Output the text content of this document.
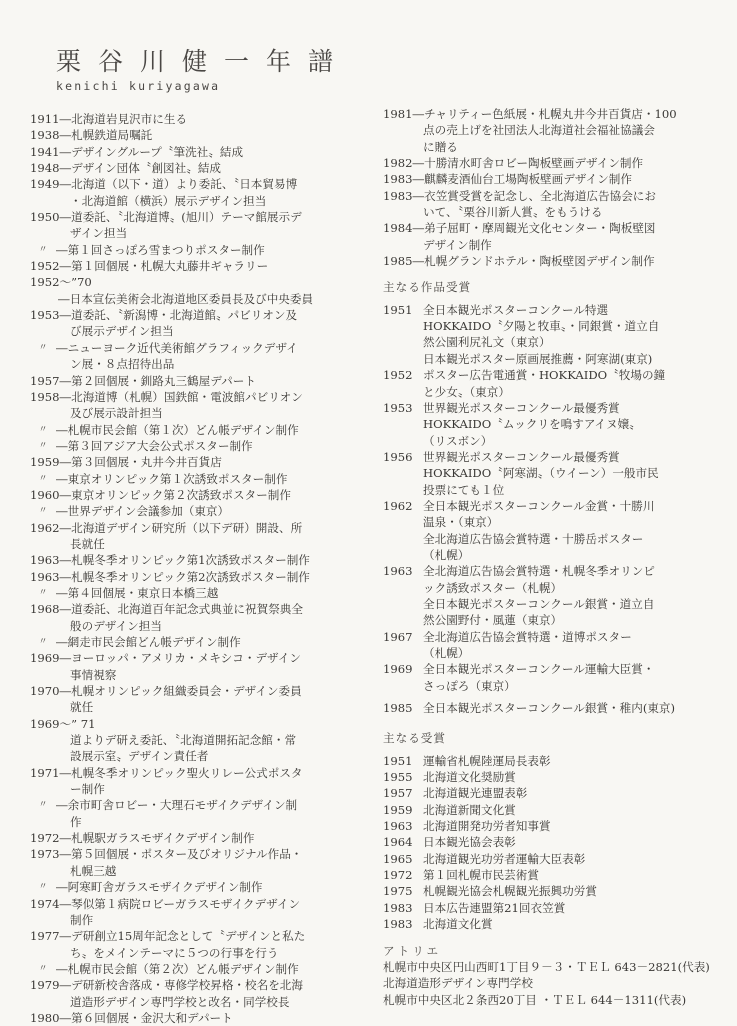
栗谷川健一年譜
kenichi kuriyagawa
1911 ― 北海道岩見沢市に生る
1938 ― 札幌鉄道局嘱託
1941 ― デザイングループ〝筆洗社〟結成
1948 ― デザイン団体〝創図社〟結成
1949 ― 北海道（以下・道）より委託、〝日本貿易博
・北海道館（横浜）展示デザイン担当
1950 ― 道委託、〝北海道博〟(旭川）テーマ館展示デ
ザイン担当
〃 ― 第１回さっぽろ雪まつりポスター制作
1952 ― 第１回個展・札幌大丸藤井ギャラリー
1952～”70
―日本宣伝美術会北海道地区委員長及び中央委員
1953 ― 道委託、〝新潟博・北海道館〟パビリオン及
び展示デザイン担当
〃 ― ニューヨーク近代美術館グラフィックデザイ
ン展・８点招待出品
1957 ― 第２回個展・釧路丸三鶴屋デパート
1958 ― 北海道博（札幌）国鉄館・電波館パビリオン
及び展示設計担当
〃 ― 札幌市民会館（第１次）どん帳デザイン制作
〃 ― 第３回アジア大会公式ポスター制作
1959 ― 第３回個展・丸井今井百貨店
〃 ― 東京オリンピック第１次誘致ポスター制作
1960 ― 東京オリンピック第２次誘致ポスター制作
〃 ― 世界デザイン会議参加（東京）
1962 ― 北海道デザイン研究所（以下デ研）開設、所
長就任
1963 ― 札幌冬季オリンピック第1次誘致ポスター制作
1963 ― 札幌冬季オリンピック第2次誘致ポスター制作
〃 ― 第４回個展・東京日本橋三越
1968 ― 道委託、北海道百年記念式典並に祝賀祭典全
般のデザイン担当
〃 ― 網走市民会館どん帳デザイン制作
1969 ― ヨーロッパ・アメリカ・メキシコ・デザイン
事情視察
1970 ― 札幌オリンピック組織委員会・デザイン委員
就任
1969～” 71
道よりデ研え委託、〝北海道開拓記念館・常
設展示室〟デザイン責任者
1971 ― 札幌冬季オリンピック聖火リレー公式ポスタ
ー制作
〃 ― 余市町舎ロビー・大理石モザイクデザイン制
作
1972 ― 札幌駅ガラスモザイクデザイン制作
1973 ― 第５回個展・ポスター及びオリジナル作品・
札幌三越
〃 ― 阿寒町舎ガラスモザイクデザイン制作
1974 ― 琴似第１病院ロビーガラスモザイクデザイン
制作
1977 ― デ研創立15周年記念として〝デザインと私た
ち〟をメインテーマに５つの行事を行う
〃 ― 札幌市民会館（第２次）どん帳デザイン制作
1979 ― デ研新校舎落成・専修学校昇格・校名を北海
道造形デザイン専門学校と改名・同学校長
1980 ― 第６回個展・金沢大和デパート
1981 ― チャリティー色紙展・札幌丸井今井百貨店・100
点の売上げを社団法人北海道社会福祉協議会
に贈る
1982 ― 十勝清水町舎ロビー陶板壁画デザイン制作
1983 ― 麒麟麦酒仙台工場陶板壁画デザイン制作
1983 ― 衣笠賞受賞を記念し、全北海道広告協会にお
いて、〝栗谷川新人賞〟をもうける
1984 ― 弟子屈町・摩周観光文化センター・陶板壁図
デザイン制作
1985 ― 札幌グランドホテル・陶板壁図デザイン制作
主なる作品受賞
1951 全日本観光ポスターコンクール特選
HOKKAIDO〝夕陽と牧車〟・同銀賞・道立自
然公園利尻礼文（東京）
日本観光ポスター原画展推薦・阿寒湖(東京)
1952 ポスター広告電通賞・HOKKAIDO〝牧場の鐘
と少女〟（東京）
1953 世界観光ポスターコンクール最優秀賞
HOKKAIDO〝ムックリを鳴すアイヌ嬢〟
（リスボン）
1956 世界観光ポスターコンクール最優秀賞
HOKKAIDO〝阿寒湖〟（ウイーン）一般市民
投票にても１位
1962 全日本観光ポスターコンクール金賞・十勝川
温泉・（東京）
全北海道広告協会賞特選・十勝岳ポスター
（札幌）
1963 全北海道広告協会賞特選・札幌冬季オリンピ
ック誘致ポスター（札幌）
全日本観光ポスターコンクール銀賞・道立自
然公園野付・風蓮（東京）
1967 全北海道広告協会賞特選・道博ポスター
（札幌）
1969 全日本観光ポスターコンクール運輸大臣賞・
さっぽろ（東京）
1985 全日本観光ポスターコンクール銀賞・稚内(東京)
主なる受賞
1951 運輸省札幌陸運局長表彰
1955 北海道文化奨励賞
1957 北海道観光連盟表彰
1959 北海道新聞文化賞
1963 北海道開発功労者知事賞
1964 日本観光協会表彰
1965 北海道観光功労者運輸大臣表彰
1972 第１回札幌市民芸術賞
1975 札幌観光協会札幌観光振興功労賞
1983 日本広告連盟第21回衣笠賞
1983 北海道文化賞
アトリエ
札幌市中央区円山西町1丁目９－３・ＴＥＬ 643－2821(代表)
北海道造形デザイン専門学校
札幌市中央区北２条西20丁目 ・ＴＥＬ 644－1311(代表)
